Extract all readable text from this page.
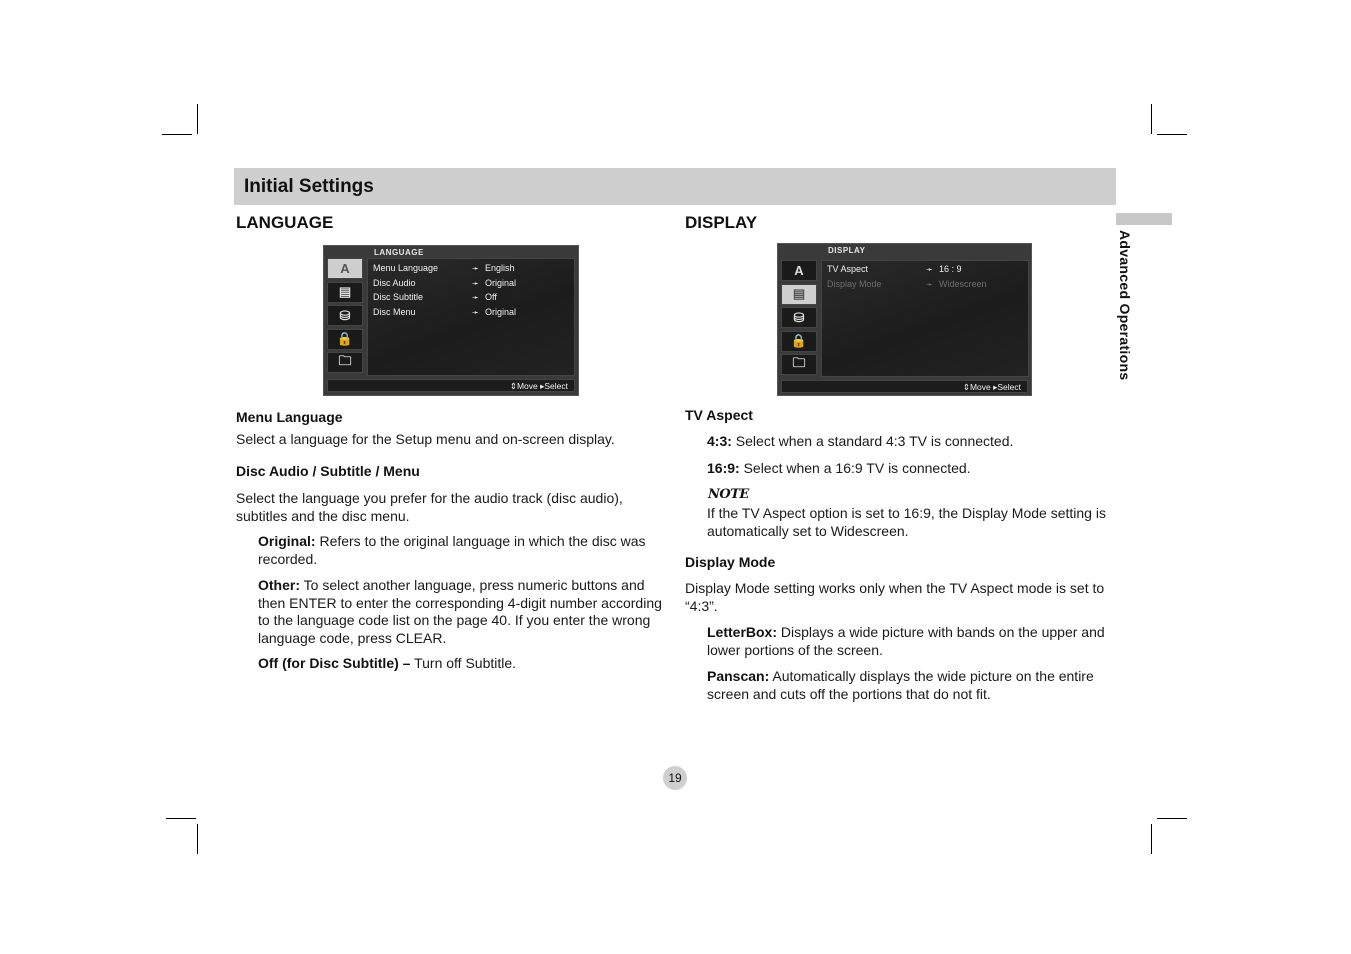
Initial Settings
Advanced Operations
LANGUAGE
LANGUAGE
A
▤
⛁
🔒
🗀
Menu Language	➛ English
Disc Audio	➛ Original
Disc Subtitle	➛ Off
Disc Menu	➛ Original
⇕Move ▸Select
Menu Language
Select a language for the Setup menu and on-screen display.
Disc Audio / Subtitle / Menu
Select the language you prefer for the audio track (disc audio), subtitles and the disc menu.
Original: Refers to the original language in which the disc was recorded.
Other: To select another language, press numeric buttons and then ENTER to enter the corresponding 4-digit number according to the language code list on the page 40. If you enter the wrong language code, press CLEAR.
Off (for Disc Subtitle) – Turn off Subtitle.
DISPLAY
DISPLAY
A
▤
⛁
🔒
🗀
TV Aspect	➛ 16 : 9
Display Mode	➛ Widescreen
⇕Move ▸Select
TV Aspect
4:3: Select when a standard 4:3 TV is connected.
16:9: Select when a 16:9 TV is connected.
NOTE
If the TV Aspect option is set to 16:9, the Display Mode setting is automatically set to Widescreen.
Display Mode
Display Mode setting works only when the TV Aspect mode is set to “4:3”.
LetterBox: Displays a wide picture with bands on the upper and lower portions of the screen.
Panscan: Automatically displays the wide picture on the entire screen and cuts off the portions that do not fit.
19
